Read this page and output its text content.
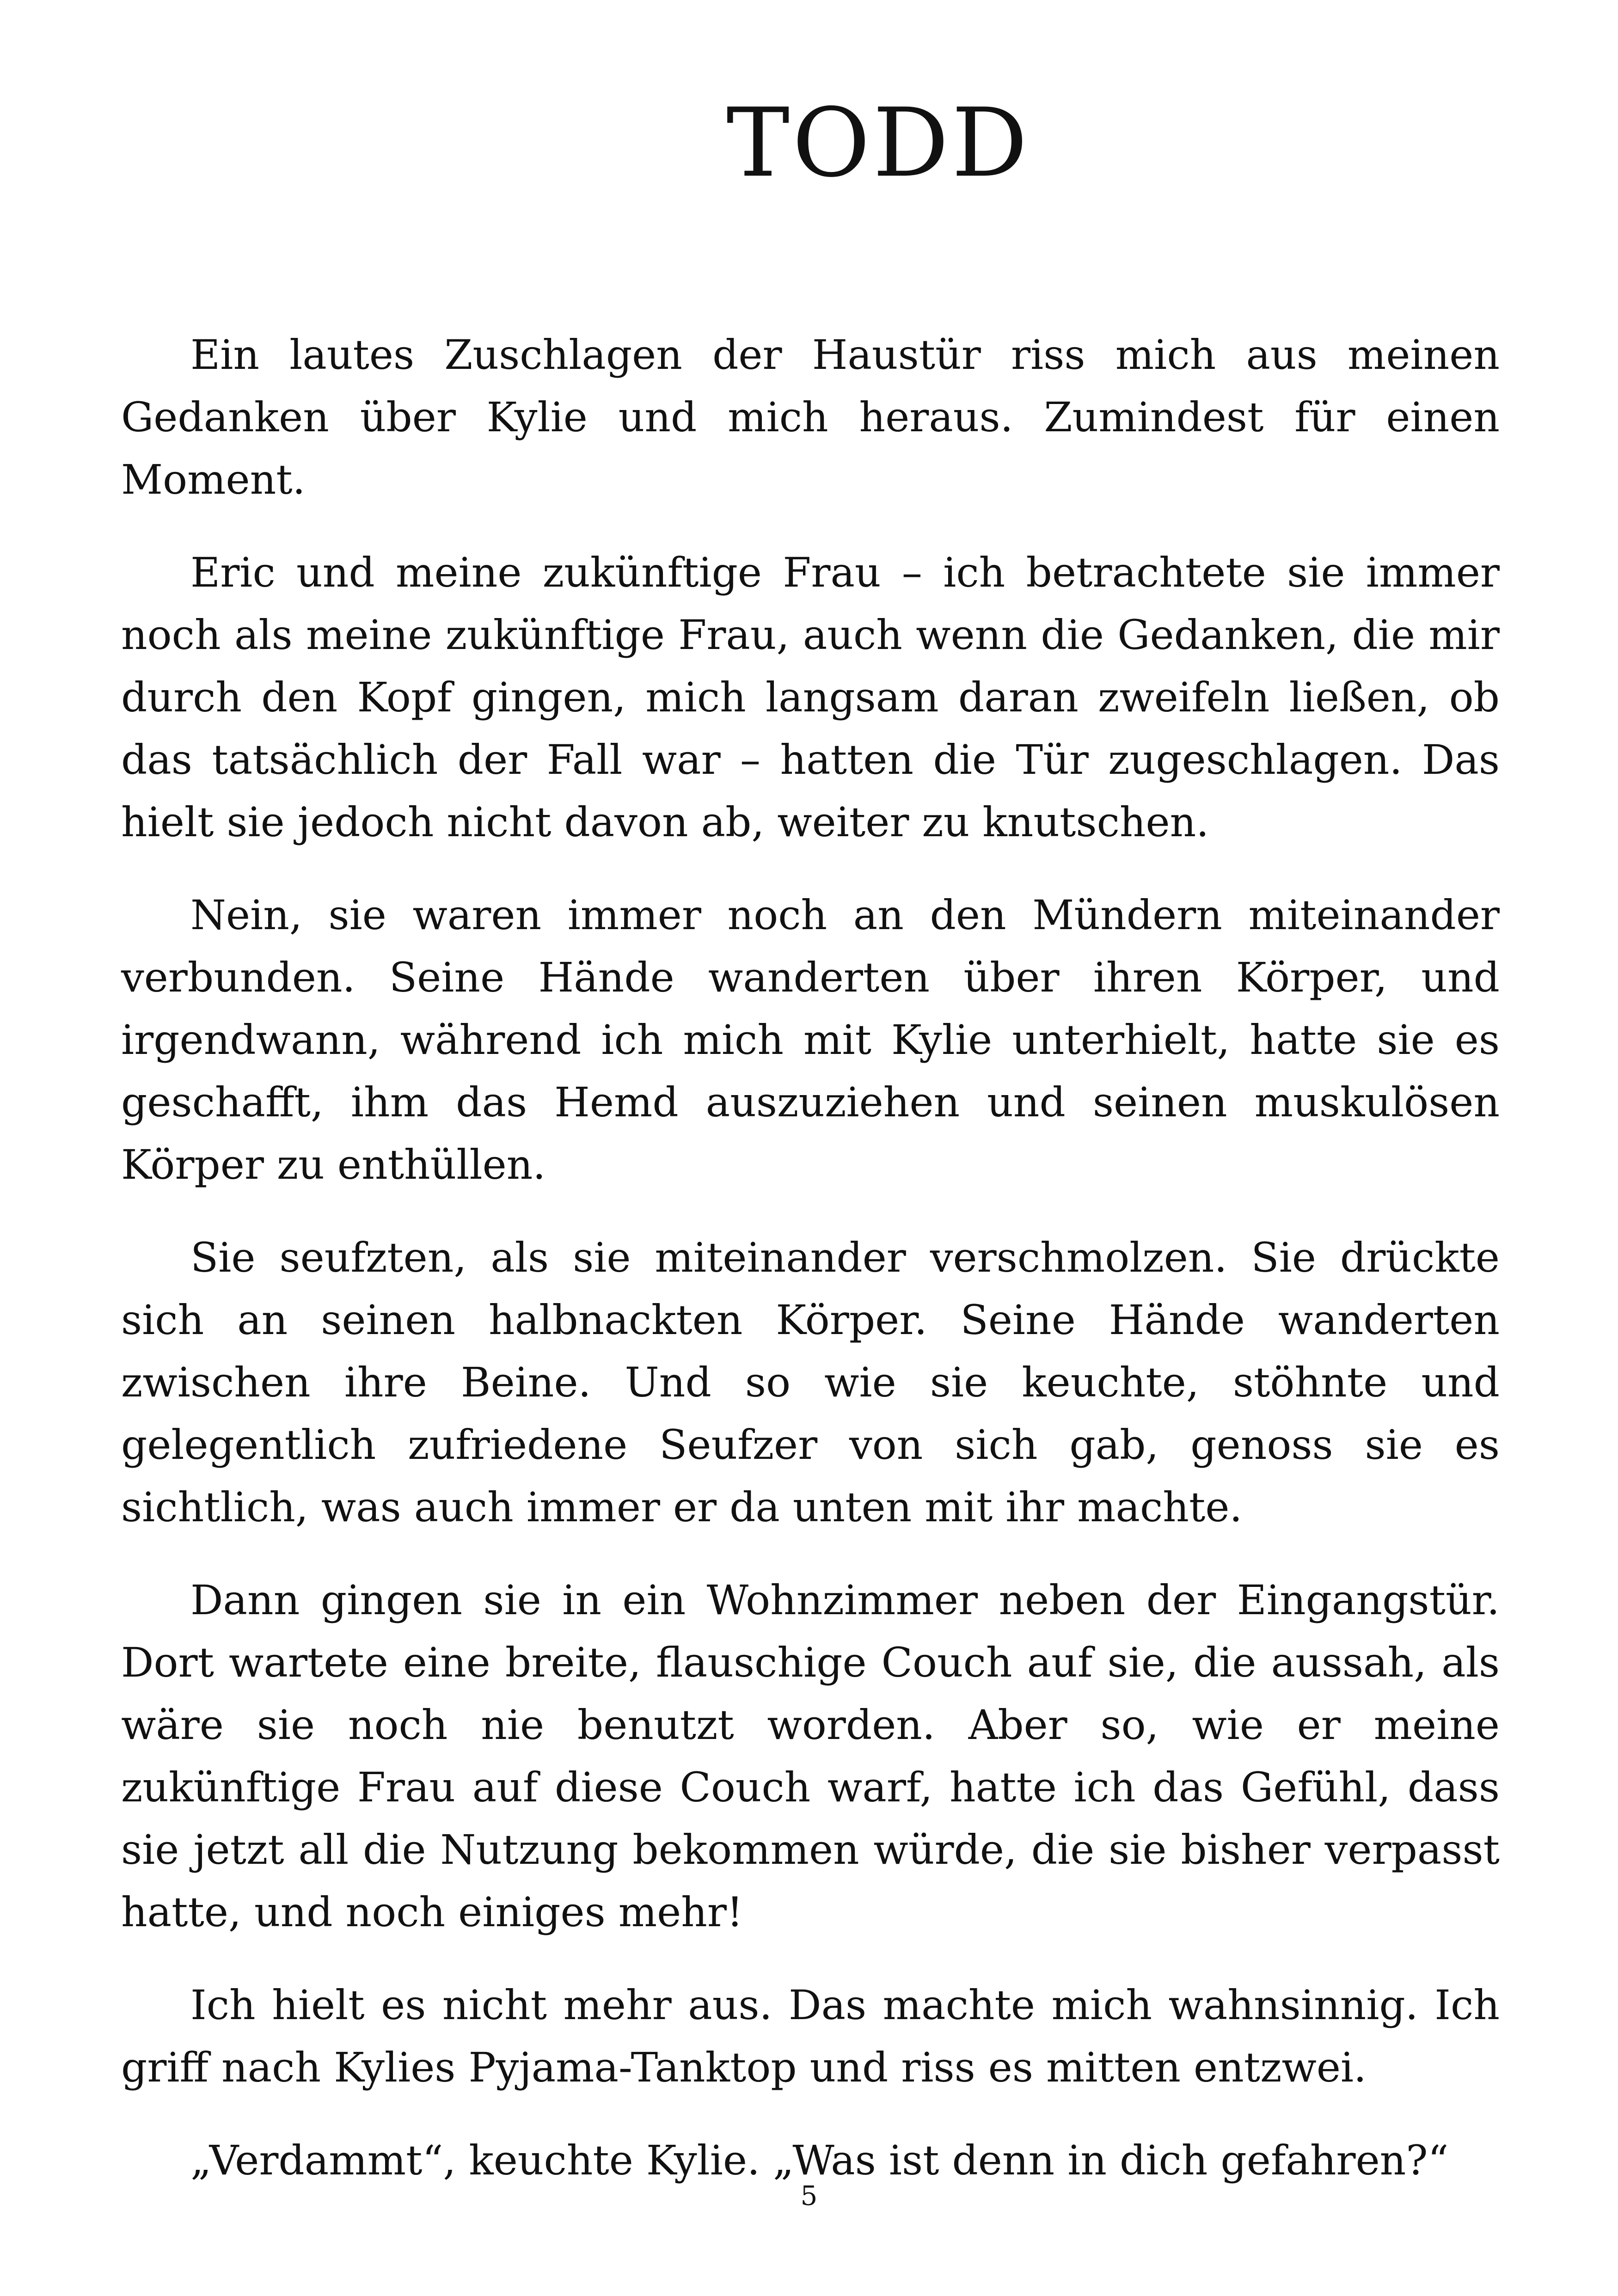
TODD

Ein lautes Zuschlagen der Haustür riss mich aus meinen Gedanken über Kylie und mich heraus. Zumindest für einen Moment.

Eric und meine zukünftige Frau – ich betrachtete sie immer noch als meine zukünftige Frau, auch wenn die Gedanken, die mir durch den Kopf gingen, mich langsam daran zweifeln ließen, ob das tatsächlich der Fall war – hatten die Tür zugeschlagen. Das hielt sie jedoch nicht davon ab, weiter zu knutschen.

Nein, sie waren immer noch an den Mündern miteinander verbunden. Seine Hände wanderten über ihren Körper, und irgendwann, während ich mich mit Kylie unterhielt, hatte sie es geschafft, ihm das Hemd auszuziehen und seinen muskulösen Körper zu enthüllen.

Sie seufzten, als sie miteinander verschmolzen. Sie drückte sich an seinen halbnackten Körper. Seine Hände wanderten zwischen ihre Beine. Und so wie sie keuchte, stöhnte und gelegentlich zufriedene Seufzer von sich gab, genoss sie es sichtlich, was auch immer er da unten mit ihr machte.

Dann gingen sie in ein Wohnzimmer neben der Eingangstür. Dort wartete eine breite, flauschige Couch auf sie, die aussah, als wäre sie noch nie benutzt worden. Aber so, wie er meine zukünftige Frau auf diese Couch warf, hatte ich das Gefühl, dass sie jetzt all die Nutzung bekommen würde, die sie bisher verpasst hatte, und noch einiges mehr!

Ich hielt es nicht mehr aus. Das machte mich wahnsinnig. Ich griff nach Kylies Pyjama-Tanktop und riss es mitten entzwei.

„Verdammt“, keuchte Kylie. „Was ist denn in dich gefahren?“

5
